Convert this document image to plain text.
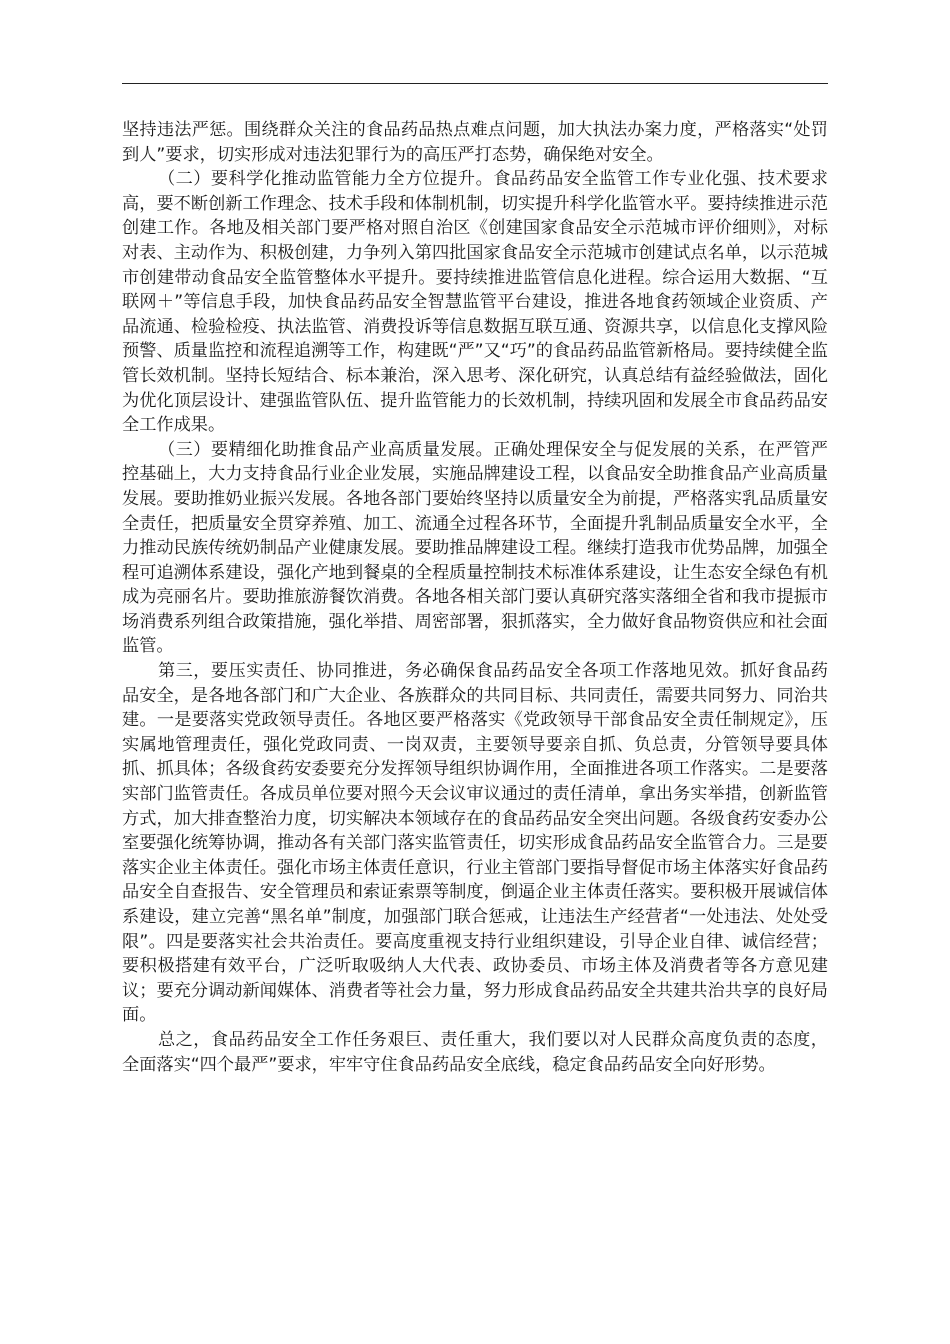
坚持违法严惩。围绕群众关注的食品药品热点难点问题，加大执法办案力度，严格落实“处罚到人”要求，切实形成对违法犯罪行为的高压严打态势，确保绝对安全。

（二）要科学化推动监管能力全方位提升。食品药品安全监管工作专业化强、技术要求高，要不断创新工作理念、技术手段和体制机制，切实提升科学化监管水平。要持续推进示范创建工作。各地及相关部门要严格对照自治区《创建国家食品安全示范城市评价细则》，对标对表、主动作为、积极创建，力争列入第四批国家食品安全示范城市创建试点名单，以示范城市创建带动食品安全监管整体水平提升。要持续推进监管信息化进程。综合运用大数据、“互联网＋”等信息手段，加快食品药品安全智慧监管平台建设，推进各地食药领域企业资质、产品流通、检验检疫、执法监管、消费投诉等信息数据互联互通、资源共享，以信息化支撑风险预警、质量监控和流程追溯等工作，构建既“严”又“巧”的食品药品监管新格局。要持续健全监管长效机制。坚持长短结合、标本兼治，深入思考、深化研究，认真总结有益经验做法，固化为优化顶层设计、建强监管队伍、提升监管能力的长效机制，持续巩固和发展全市食品药品安全工作成果。

（三）要精细化助推食品产业高质量发展。正确处理保安全与促发展的关系，在严管严控基础上，大力支持食品行业企业发展，实施品牌建设工程，以食品安全助推食品产业高质量发展。要助推奶业振兴发展。各地各部门要始终坚持以质量安全为前提，严格落实乳品质量安全责任，把质量安全贯穿养殖、加工、流通全过程各环节，全面提升乳制品质量安全水平，全力推动民族传统奶制品产业健康发展。要助推品牌建设工程。继续打造我市优势品牌，加强全程可追溯体系建设，强化产地到餐桌的全程质量控制技术标准体系建设，让生态安全绿色有机成为亮丽名片。要助推旅游餐饮消费。各地各相关部门要认真研究落实落细全省和我市提振市场消费系列组合政策措施，强化举措、周密部署，狠抓落实，全力做好食品物资供应和社会面监管。

第三，要压实责任、协同推进，务必确保食品药品安全各项工作落地见效。抓好食品药品安全，是各地各部门和广大企业、各族群众的共同目标、共同责任，需要共同努力、同治共建。一是要落实党政领导责任。各地区要严格落实《党政领导干部食品安全责任制规定》，压实属地管理责任，强化党政同责、一岗双责，主要领导要亲自抓、负总责，分管领导要具体抓、抓具体；各级食药安委要充分发挥领导组织协调作用，全面推进各项工作落实。二是要落实部门监管责任。各成员单位要对照今天会议审议通过的责任清单，拿出务实举措，创新监管方式，加大排查整治力度，切实解决本领域存在的食品药品安全突出问题。各级食药安委办公室要强化统筹协调，推动各有关部门落实监管责任，切实形成食品药品安全监管合力。三是要落实企业主体责任。强化市场主体责任意识，行业主管部门要指导督促市场主体落实好食品药品安全自查报告、安全管理员和索证索票等制度，倒逼企业主体责任落实。要积极开展诚信体系建设，建立完善“黑名单”制度，加强部门联合惩戒，让违法生产经营者“一处违法、处处受限”。四是要落实社会共治责任。要高度重视支持行业组织建设，引导企业自律、诚信经营；要积极搭建有效平台，广泛听取吸纳人大代表、政协委员、市场主体及消费者等各方意见建议；要充分调动新闻媒体、消费者等社会力量，努力形成食品药品安全共建共治共享的良好局面。

总之，食品药品安全工作任务艰巨、责任重大，我们要以对人民群众高度负责的态度，全面落实“四个最严”要求，牢牢守住食品药品安全底线，稳定食品药品安全向好形势。
